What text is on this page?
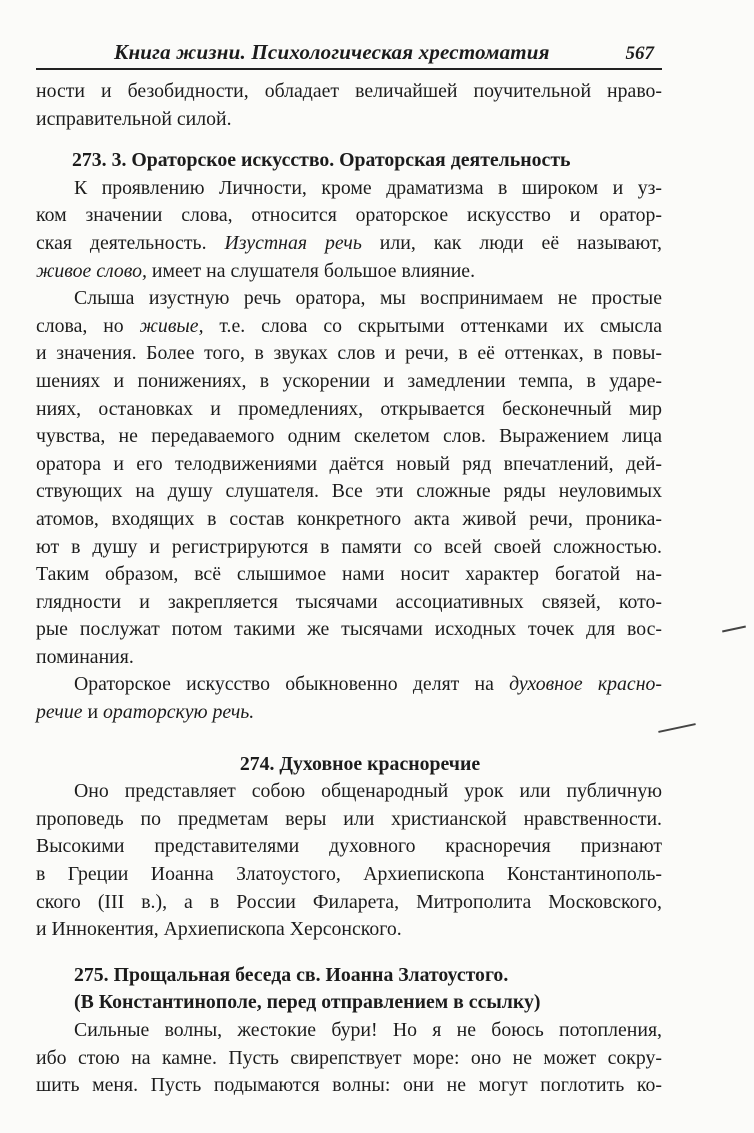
Книга жизни. Психологическая хрестоматия	567

ности и безобидности, обладает величайшей поучительной нраво-
исправительной силой.

273. 3. Ораторское искусство. Ораторская деятельность

К проявлению Личности, кроме драматизма в широком и уз-
ком значении слова, относится ораторское искусство и оратор-
ская деятельность. Изустная речь или, как люди её называют,
живое слово, имеет на слушателя большое влияние.

Слыша изустную речь оратора, мы воспринимаем не простые
слова, но живые, т.е. слова со скрытыми оттенками их смысла
и значения. Более того, в звуках слов и речи, в её оттенках, в повы-
шениях и понижениях, в ускорении и замедлении темпа, в ударе-
ниях, остановках и промедлениях, открывается бесконечный мир
чувства, не передаваемого одним скелетом слов. Выражением лица
оратора и его телодвижениями даётся новый ряд впечатлений, дей-
ствующих на душу слушателя. Все эти сложные ряды неуловимых
атомов, входящих в состав конкретного акта живой речи, проника-
ют в душу и регистрируются в памяти со всей своей сложностью.
Таким образом, всё слышимое нами носит характер богатой на-
глядности и закрепляется тысячами ассоциативных связей, кото-
рые послужат потом такими же тысячами исходных точек для вос-
поминания.

Ораторское искусство обыкновенно делят на духовное красно-
речие и ораторскую речь.

274. Духовное красноречие

Оно представляет собою общенародный урок или публичную
проповедь по предметам веры или христианской нравственности.
Высокими представителями духовного красноречия признают
в Греции Иоанна Златоустого, Архиепископа Константинополь-
ского (III в.), а в России Филарета, Митрополита Московского,
и Иннокентия, Архиепископа Херсонского.

275. Прощальная беседа св. Иоанна Златоустого.

(В Константинополе, перед отправлением в ссылку)

Сильные волны, жестокие бури! Но я не боюсь потопления,
ибо стою на камне. Пусть свирепствует море: оно не может сокру-
шить меня. Пусть подымаются волны: они не могут поглотить ко-
